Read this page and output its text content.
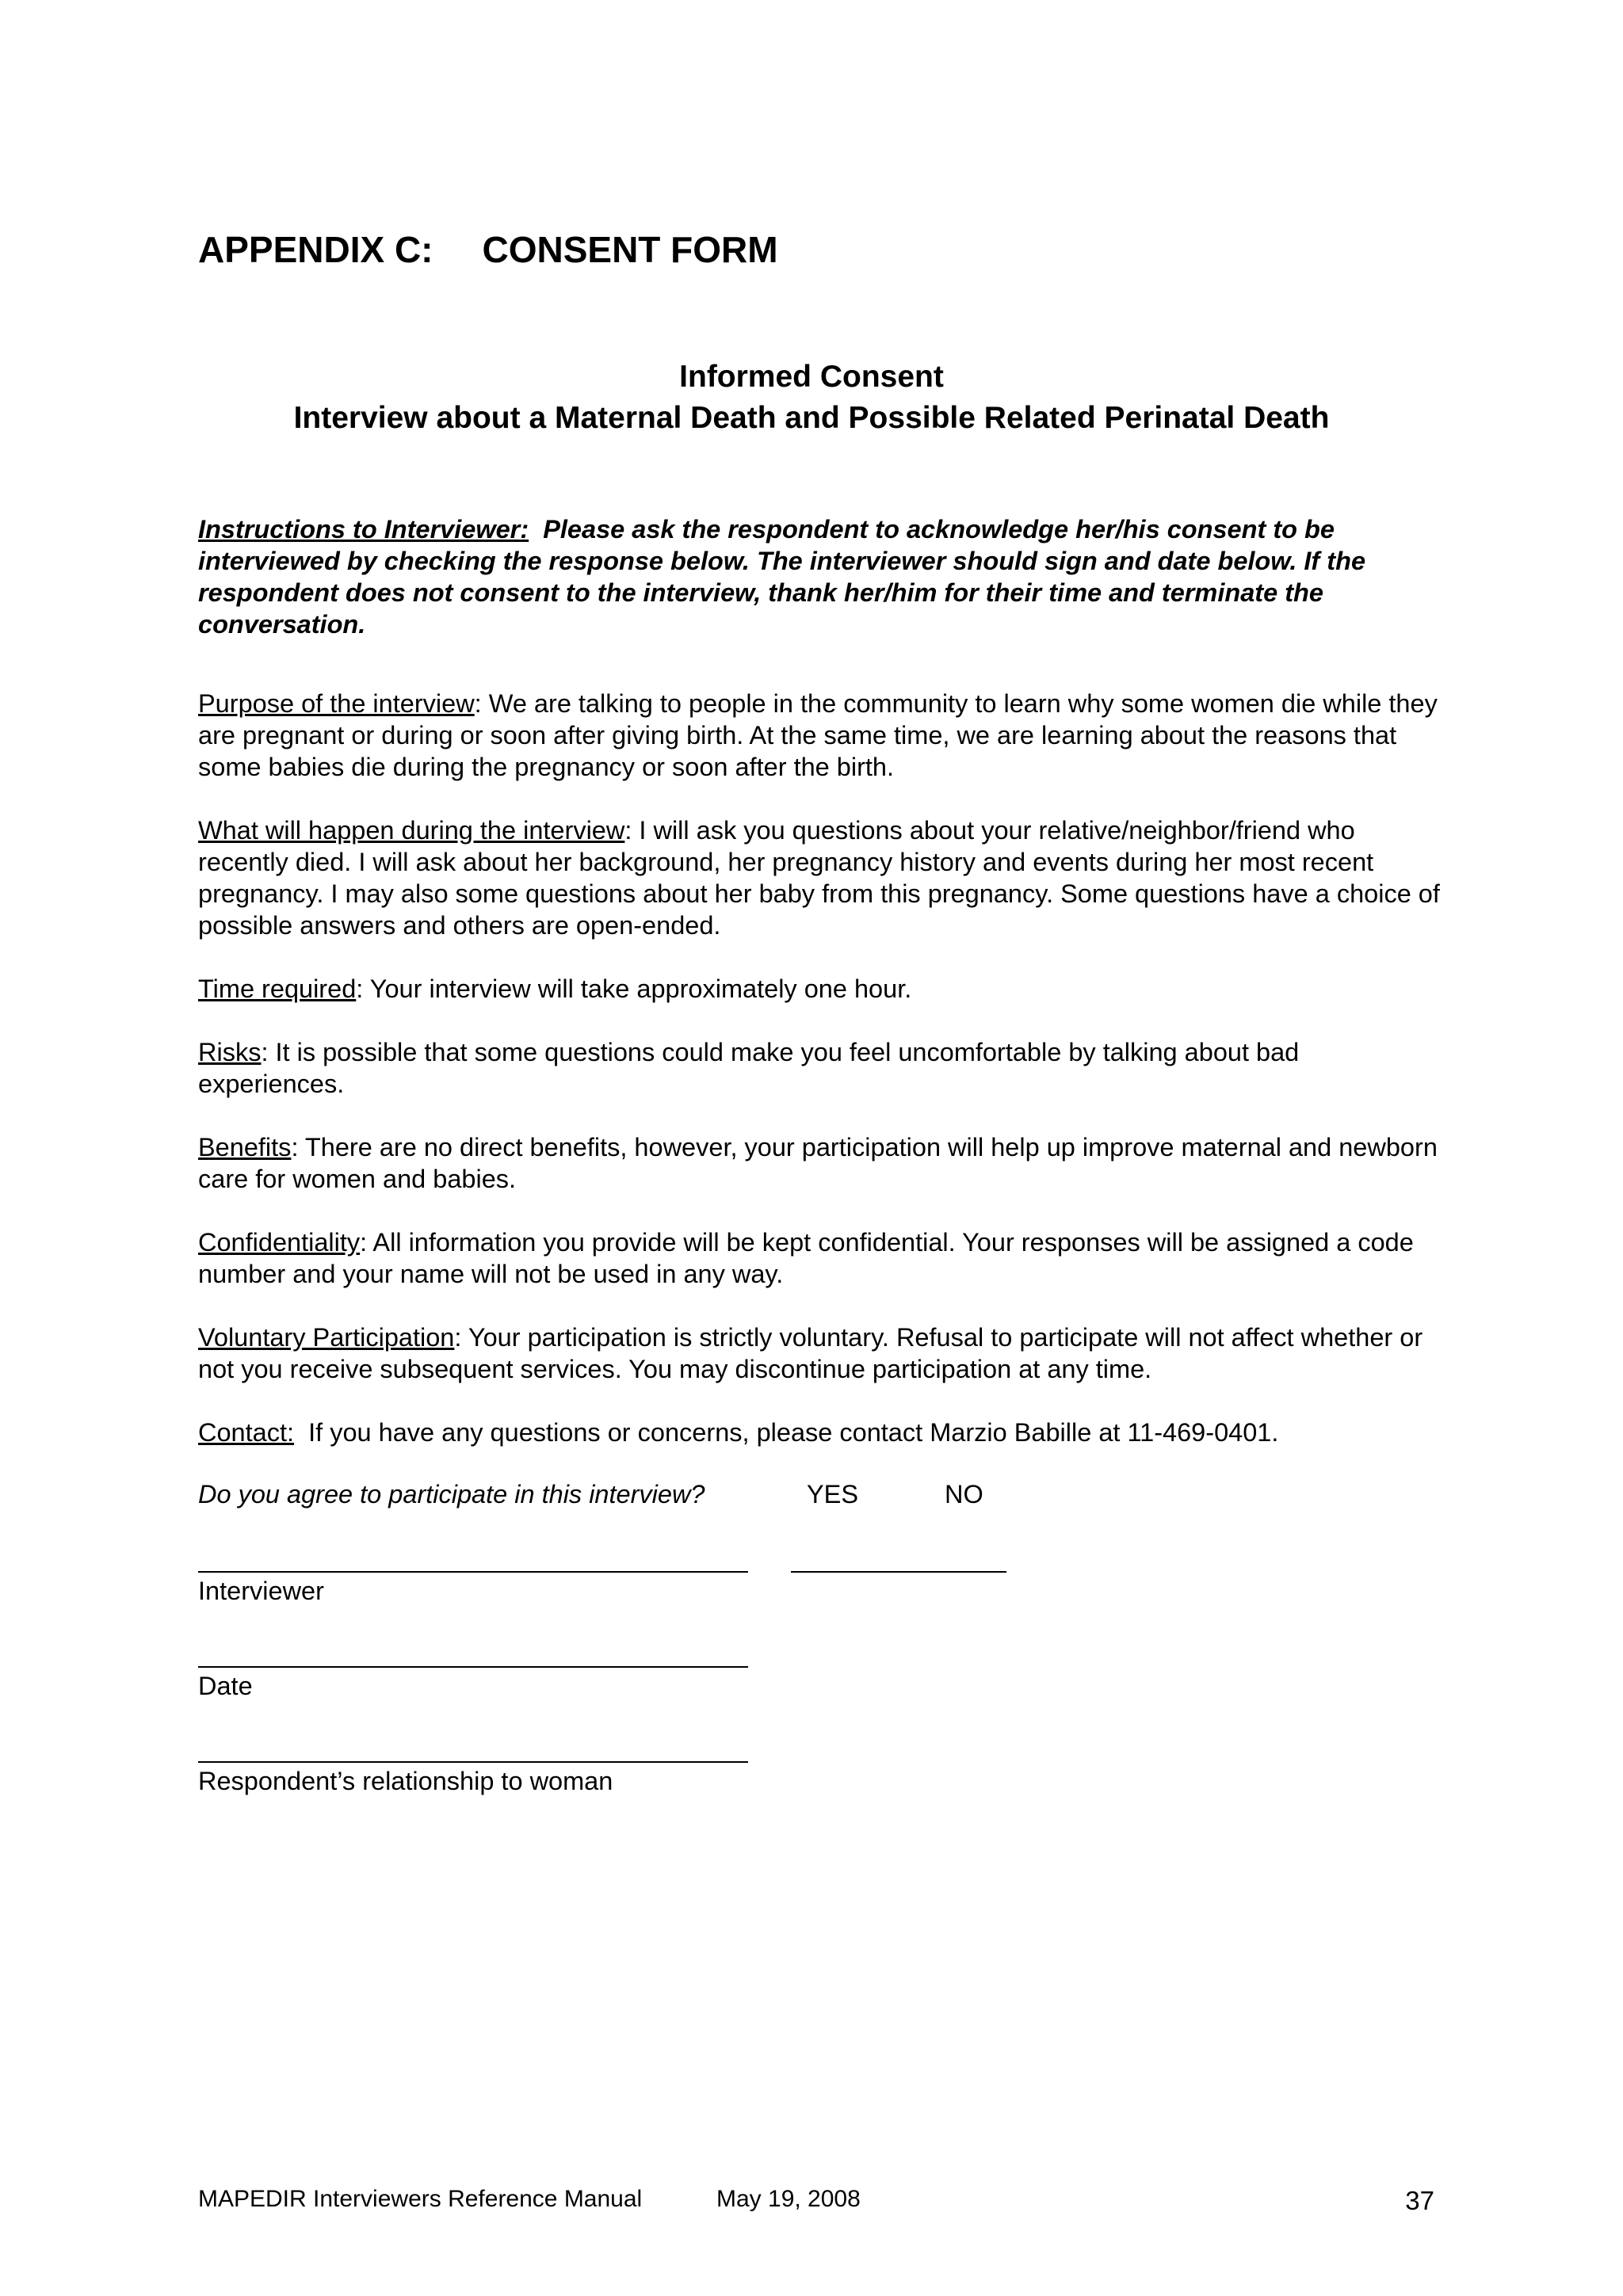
APPENDIX C: CONSENT FORM
Informed Consent
Interview about a Maternal Death and Possible Related Perinatal Death

Instructions to Interviewer: Please ask the respondent to acknowledge her/his consent to be interviewed by checking the response below. The interviewer should sign and date below. If the respondent does not consent to the interview, thank her/him for their time and terminate the conversation.

Purpose of the interview: We are talking to people in the community to learn why some women die while they are pregnant or during or soon after giving birth. At the same time, we are learning about the reasons that some babies die during the pregnancy or soon after the birth.

What will happen during the interview: I will ask you questions about your relative/neighbor/friend who recently died. I will ask about her background, her pregnancy history and events during her most recent pregnancy. I may also some questions about her baby from this pregnancy. Some questions have a choice of possible answers and others are open-ended.

Time required: Your interview will take approximately one hour.

Risks: It is possible that some questions could make you feel uncomfortable by talking about bad experiences.

Benefits: There are no direct benefits, however, your participation will help up improve maternal and newborn care for women and babies.

Confidentiality: All information you provide will be kept confidential. Your responses will be assigned a code number and your name will not be used in any way.

Voluntary Participation: Your participation is strictly voluntary. Refusal to participate will not affect whether or not you receive subsequent services. You may discontinue participation at any time.

Contact: If you have any questions or concerns, please contact Marzio Babille at 11-469-0401.

Do you agree to participate in this interview?	YES	NO
Interviewer
Date
Respondent’s relationship to woman
MAPEDIR Interviewers Reference Manual	May 19, 2008	37
